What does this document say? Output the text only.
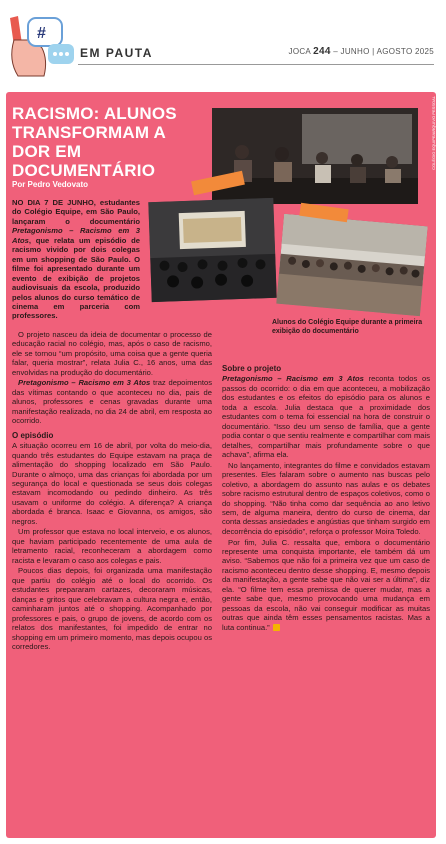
#
EM PAUTA	JOCA 244 – JUNHO | AGOSTO 2025
COLÉGIO EQUIPE/ARQUIVO PESSOAL
RACISMO: ALUNOS TRANSFORMAM A DOR EM DOCUMENTÁRIO
Por Pedro Vedovato
Alunos do Colégio Equipe durante a primeira exibição do documentário

NO DIA 7 DE JUNHO, estudantes do Colégio Equipe, em São Paulo, lançaram o documentário Pretagonismo – Racismo em 3 Atos, que relata um episódio de racismo vivido por dois colegas em um shopping de São Paulo. O filme foi apresentado durante um evento de exibição de projetos audiovisuais da escola, produzido pelos alunos do curso temático de cinema em parceria com professores.

O projeto nasceu da ideia de documentar o processo de educação racial no colégio, mas, após o caso de racismo, ele se tornou “um propósito, uma coisa que a gente queria falar, queria mostrar”, relata Julia C., 16 anos, uma das envolvidas na produção do documentário.

Pretagonismo – Racismo em 3 Atos traz depoimentos das vítimas contando o que aconteceu no dia, pais de alunos, professores e cenas gravadas durante uma manifestação realizada, no dia 24 de abril, em resposta ao ocorrido.

O episódio

A situação ocorreu em 16 de abril, por volta do meio-dia, quando três estudantes do Equipe estavam na praça de alimentação do shopping localizado em São Paulo. Durante o almoço, uma das crianças foi abordada por um segurança do local e questionada se seus dois colegas estavam incomodando ou pedindo dinheiro. As três usavam o uniforme do colégio. A diferença? A criança abordada é branca. Isaac e Giovanna, os amigos, são negros.

Um professor que estava no local interveio, e os alunos, que haviam participado recentemente de uma aula de letramento racial, reconheceram a abordagem como racista e levaram o caso aos colegas e pais.

Poucos dias depois, foi organizada uma manifestação que partiu do colégio até o local do ocorrido. Os estudantes prepararam cartazes, decoraram músicas, danças e gritos que celebravam a cultura negra e, então, caminharam juntos até o shopping. Acompanhado por professores e pais, o grupo de jovens, de acordo com os relatos dos manifestantes, foi impedido de entrar no shopping em um primeiro momento, mas depois ocupou os corredores.

Sobre o projeto

Pretagonismo – Racismo em 3 Atos reconta todos os passos do ocorrido: o dia em que aconteceu, a mobilização dos estudantes e os efeitos do episódio para os alunos e toda a escola. Julia destaca que a proximidade dos estudantes com o tema foi essencial na hora de construir o documentário. “Isso deu um senso de família, que a gente podia contar o que sentiu realmente e compartilhar com mais detalhes, compartilhar mais profundamente sobre o que achava”, afirma ela.

No lançamento, integrantes do filme e convidados estavam presentes. Eles falaram sobre o aumento nas buscas pelo coletivo, a abordagem do assunto nas aulas e os debates sobre racismo estrutural dentro de espaços coletivos, como o do shopping. “Não tinha como dar sequência ao ano letivo sem, de alguma maneira, dentro do curso de cinema, dar conta dessas ansiedades e angústias que tinham surgido em decorrência do episódio”, reforça o professor Moira Toledo.

Por fim, Julia C. ressalta que, embora o documentário represente uma conquista importante, ele também dá um aviso. “Sabemos que não foi a primeira vez que um caso de racismo aconteceu dentro desse shopping. E, mesmo depois da manifestação, a gente sabe que não vai ser a última”, diz ela. “O filme tem essa premissa de querer mudar, mas a gente sabe que, mesmo provocando uma mudança em pessoas da escola, não vai conseguir modificar as muitas outras que ainda têm esses pensamentos racistas. Mas a luta continua.”
